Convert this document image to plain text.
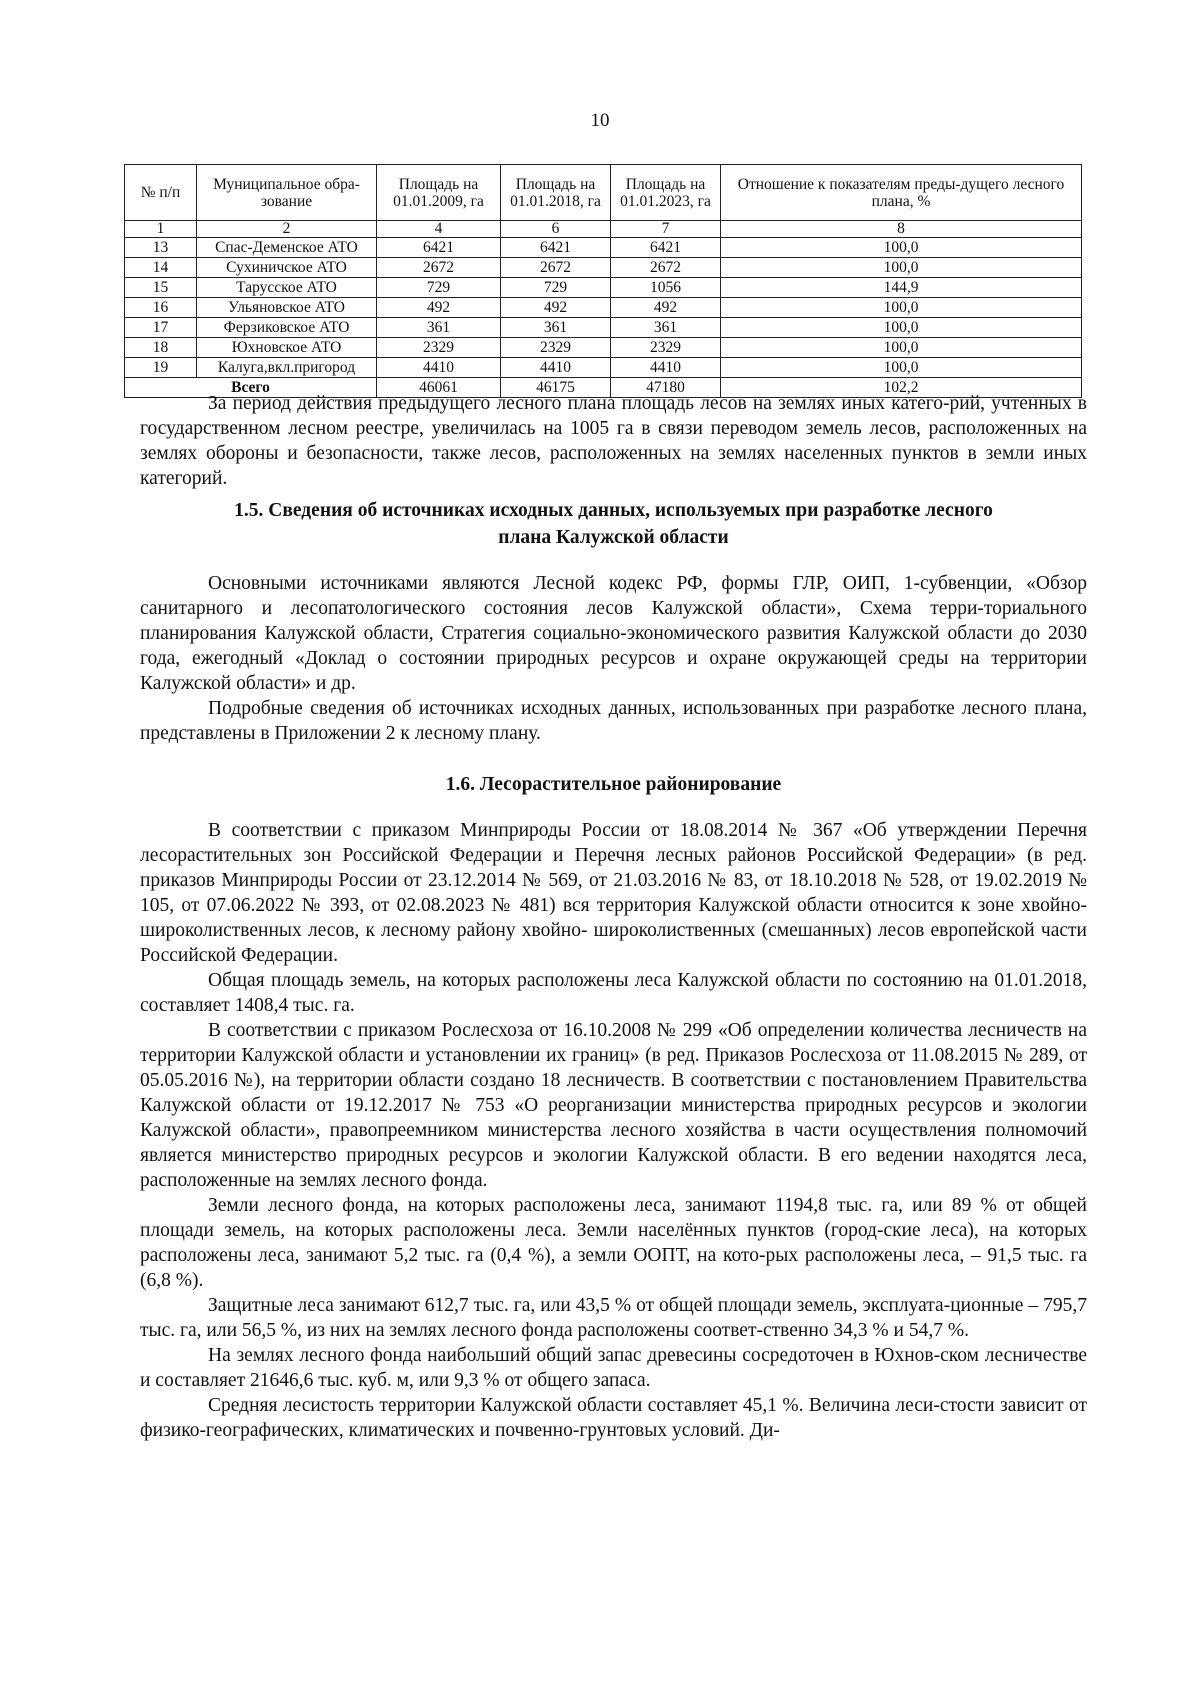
10
№ п/п	Муниципальное обра-зование	Площадь на 01.01.2009, га	Площадь на 01.01.2018, га	Площадь на 01.01.2023, га	Отношение к показателям преды-дущего лесного плана, %
1	2	4	6	7	8
13	Спас-Деменское АТО	6421	6421	6421	100,0
14	Сухиничское АТО	2672	2672	2672	100,0
15	Тарусское АТО	729	729	1056	144,9
16	Ульяновское АТО	492	492	492	100,0
17	Ферзиковское АТО	361	361	361	100,0
18	Юхновское АТО	2329	2329	2329	100,0
19	Калуга,вкл.пригород	4410	4410	4410	100,0
Всего		46061	46175	47180	102,2

За период действия предыдущего лесного плана площадь лесов на землях иных катего-рий, учтенных в государственном лесном реестре, увеличилась на 1005 га в связи переводом земель лесов, расположенных на землях обороны и безопасности, также лесов, расположенных на землях населенных пунктов в земли иных категорий.

1.5. Сведения об источниках исходных данных, используемых при разработке лесного
плана Калужской области

Основными источниками являются Лесной кодекс РФ, формы ГЛР, ОИП, 1-субвенции, «Обзор санитарного и лесопатологического состояния лесов Калужской области», Схема терри-ториального планирования Калужской области, Стратегия социально-экономического развития Калужской области до 2030 года, ежегодный «Доклад о состоянии природных ресурсов и охране окружающей среды на территории Калужской области» и др.

Подробные сведения об источниках исходных данных, использованных при разработке лесного плана, представлены в Приложении 2 к лесному плану.

1.6. Лесорастительное районирование

В соответствии с приказом Минприроды России от 18.08.2014 № 367 «Об утверждении Перечня лесорастительных зон Российской Федерации и Перечня лесных районов Российской Федерации» (в ред. приказов Минприроды России от 23.12.2014 № 569, от 21.03.2016 № 83, от 18.10.2018 № 528, от 19.02.2019 № 105, от 07.06.2022 № 393, от 02.08.2023 № 481) вся территория Калужской области относится к зоне хвойно-широколиственных лесов, к лесному району хвойно- широколиственных (смешанных) лесов европейской части Российской Федерации.

Общая площадь земель, на которых расположены леса Калужской области по состоянию на 01.01.2018, составляет 1408,4 тыс. га.

В соответствии с приказом Рослесхоза от 16.10.2008 № 299 «Об определении количества лесничеств на территории Калужской области и установлении их границ» (в ред. Приказов Рослесхоза от 11.08.2015 № 289, от 05.05.2016 №), на территории области создано 18 лесничеств. В соответствии с постановлением Правительства Калужской области от 19.12.2017 № 753 «О реорганизации министерства природных ресурсов и экологии Калужской области», правопреемником министерства лесного хозяйства в части осуществления полномочий является министерство природных ресурсов и экологии Калужской области. В его ведении находятся леса, расположенные на землях лесного фонда.

Земли лесного фонда, на которых расположены леса, занимают 1194,8 тыс. га, или 89 % от общей площади земель, на которых расположены леса. Земли населённых пунктов (город-ские леса), на которых расположены леса, занимают 5,2 тыс. га (0,4 %), а земли ООПТ, на кото-рых расположены леса, – 91,5 тыс. га (6,8 %).

Защитные леса занимают 612,7 тыс. га, или 43,5 % от общей площади земель, эксплуата-ционные – 795,7 тыс. га, или 56,5 %, из них на землях лесного фонда расположены соответ-ственно 34,3 % и 54,7 %.

На землях лесного фонда наибольший общий запас древесины сосредоточен в Юхнов-ском лесничестве и составляет 21646,6 тыс. куб. м, или 9,3 % от общего запаса.

Средняя лесистость территории Калужской области составляет 45,1 %. Величина леси-стости зависит от физико-географических, климатических и почвенно-грунтовых условий. Ди-
